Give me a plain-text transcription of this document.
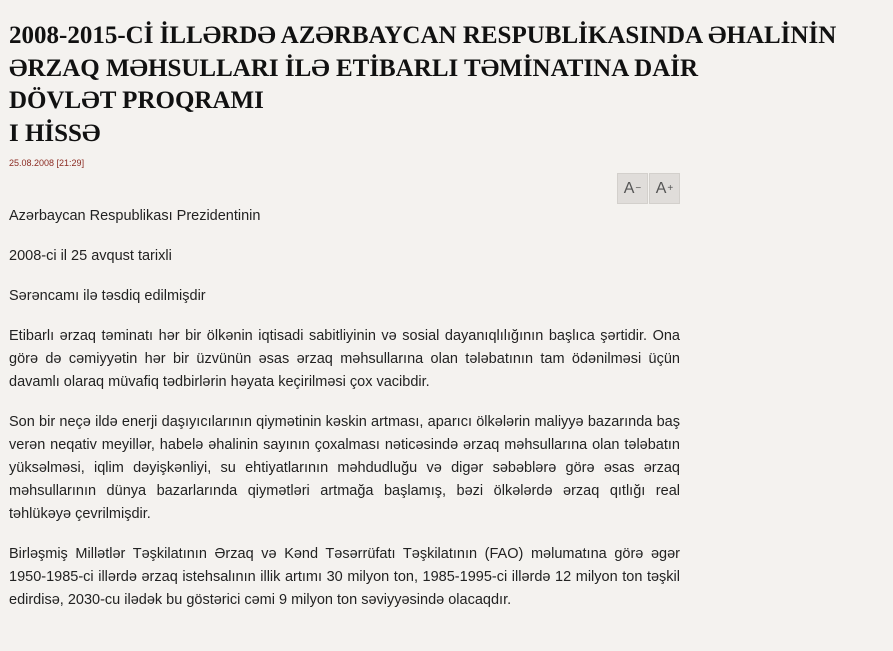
2008-2015-Cİ İLLƏRDƏ AZƏRBAYCAN RESPUBLİKASINDA ƏHALİNİN
ƏRZAQ MƏHSULLARI İLƏ ETİBARLI TƏMİNATINA DAİR
DÖVLƏT PROQRAMI
I HİSSƏ
25.08.2008 [21:29]
A − A +

Azərbaycan Respublikası Prezidentinin

2008-ci il 25 avqust tarixli

Sərəncamı ilə təsdiq edilmişdir

Etibarlı ərzaq təminatı hər bir ölkənin iqtisadi sabitliyinin və sosial dayanıqlılığının başlıca şərtidir. Ona görə də cəmiyyətin hər bir üzvünün əsas ərzaq məhsullarına olan tələbatının tam ödənilməsi üçün davamlı olaraq müvafiq tədbirlərin həyata keçirilməsi çox vacibdir.

Son bir neçə ildə enerji daşıyıcılarının qiymətinin kəskin artması, aparıcı ölkələrin maliyyə bazarında baş verən neqativ meyillər, habelə əhalinin sayının çoxalması nəticəsində ərzaq məhsullarına olan tələbatın yüksəlməsi, iqlim dəyişkənliyi, su ehtiyatlarının məhdudluğu və digər səbəblərə görə əsas ərzaq məhsullarının dünya bazarlarında qiymətləri artmağa başlamış, bəzi ölkələrdə ərzaq qıtlığı real təhlükəyə çevrilmişdir.

Birləşmiş Millətlər Təşkilatının Ərzaq və Kənd Təsərrüfatı Təşkilatının (FAO) məlumatına görə əgər 1950-1985-ci illərdə ərzaq istehsalının illik artımı 30 milyon ton, 1985-1995-ci illərdə 12 milyon ton təşkil edirdisə, 2030-cu ilədək bu göstərici cəmi 9 milyon ton səviyyəsində olacaqdır.
